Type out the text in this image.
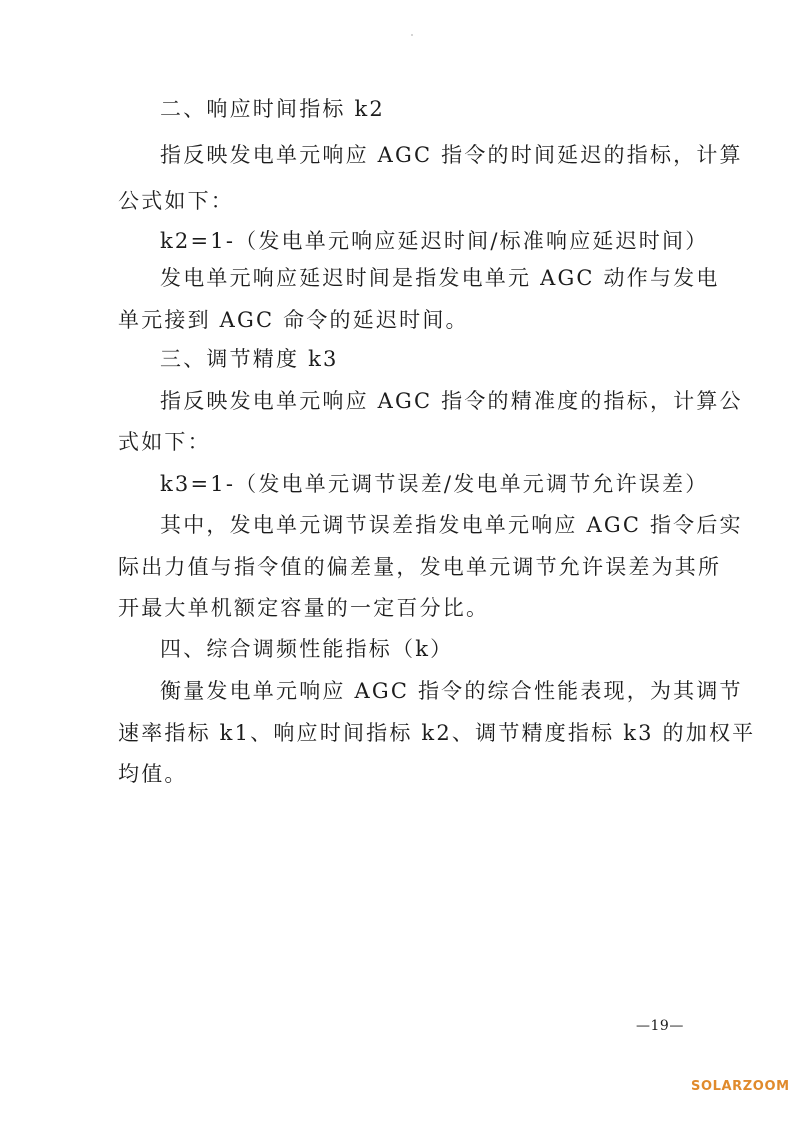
二、响应时间指标 k2
指反映发电单元响应 AGC 指令的时间延迟的指标，计算
公式如下：
k2=1-（发电单元响应延迟时间/标准响应延迟时间）
发电单元响应延迟时间是指发电单元 AGC 动作与发电
单元接到 AGC 命令的延迟时间。
三、调节精度 k3
指反映发电单元响应 AGC 指令的精准度的指标，计算公
式如下：
k3=1-（发电单元调节误差/发电单元调节允许误差）
其中，发电单元调节误差指发电单元响应 AGC 指令后实
际出力值与指令值的偏差量，发电单元调节允许误差为其所
开最大单机额定容量的一定百分比。
四、综合调频性能指标（k）
衡量发电单元响应 AGC 指令的综合性能表现，为其调节
速率指标 k1、响应时间指标 k2、调节精度指标 k3 的加权平
均值。
—19—
SOLARZOOM
